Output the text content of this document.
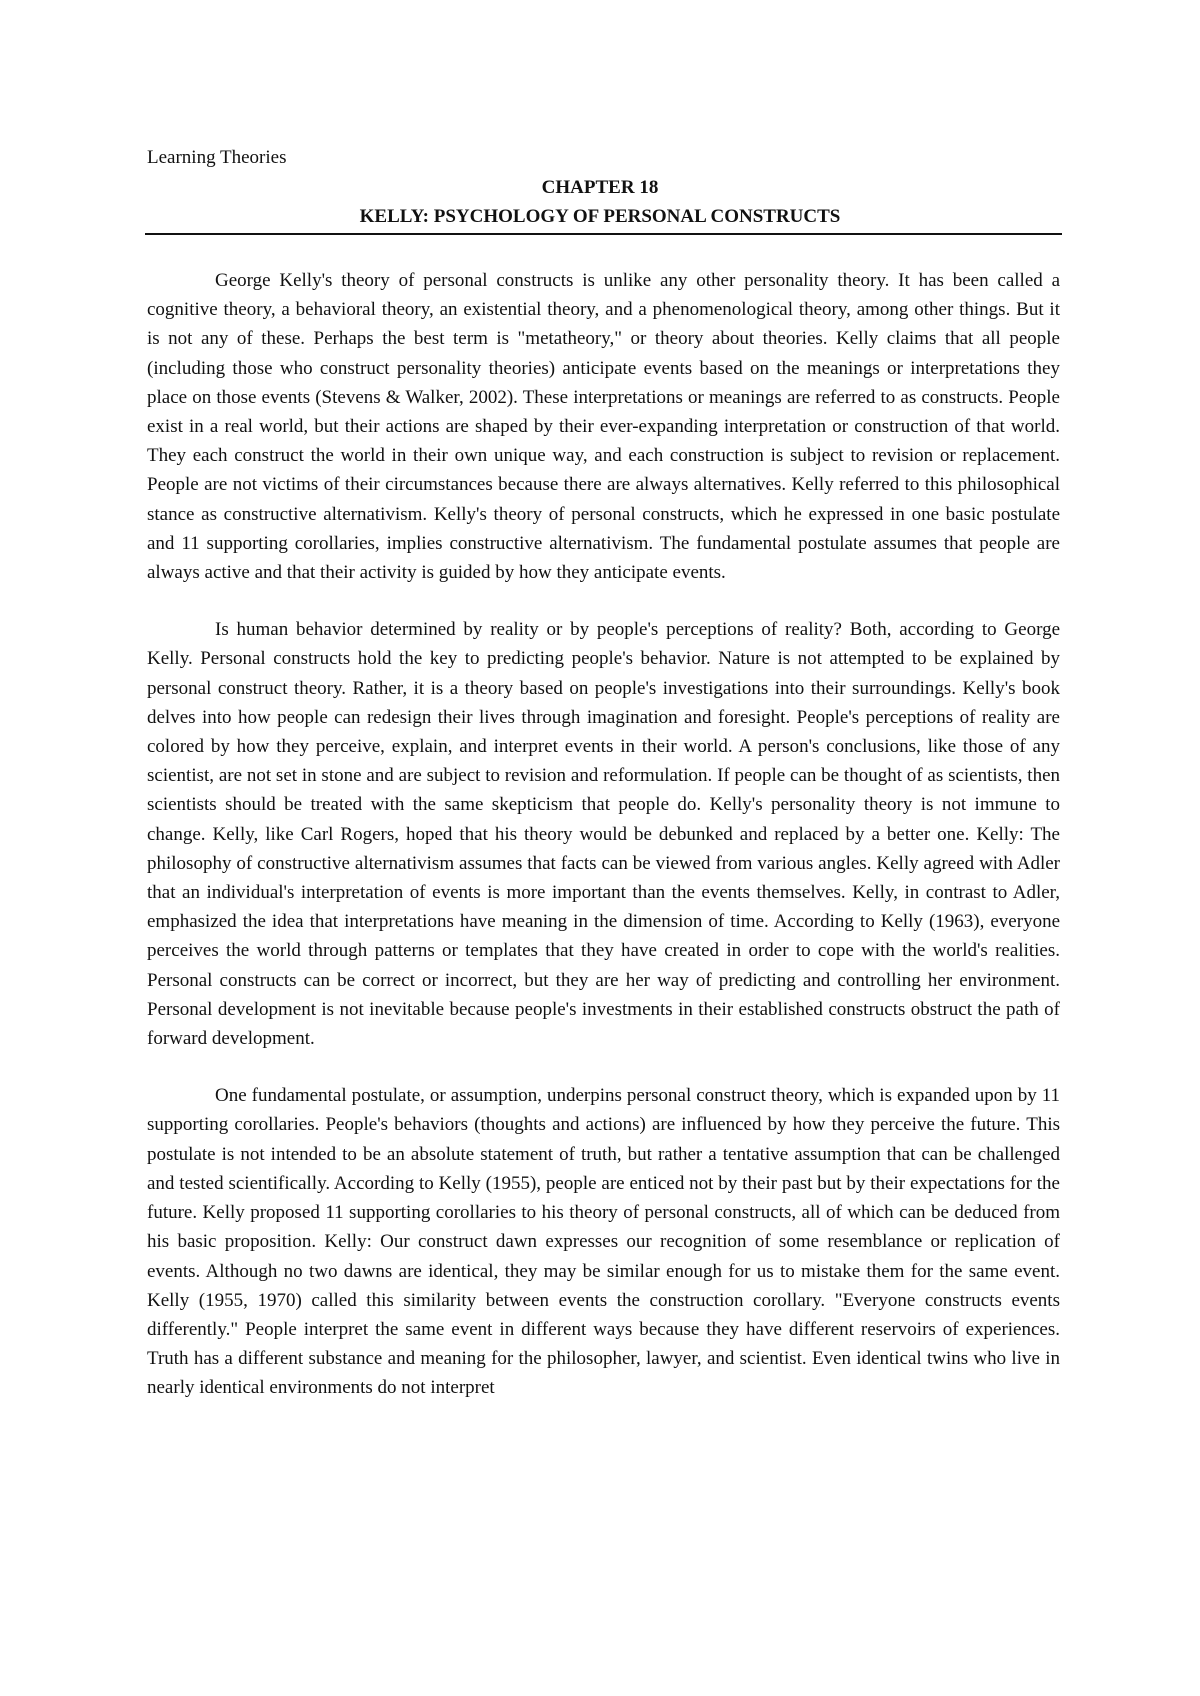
Learning Theories
CHAPTER 18
KELLY: PSYCHOLOGY OF PERSONAL CONSTRUCTS

George Kelly's theory of personal constructs is unlike any other personality theory. It has been called a cognitive theory, a behavioral theory, an existential theory, and a phenomenological theory, among other things. But it is not any of these. Perhaps the best term is "metatheory," or theory about theories. Kelly claims that all people (including those who construct personality theories) anticipate events based on the meanings or interpretations they place on those events (Stevens & Walker, 2002). These interpretations or meanings are referred to as constructs. People exist in a real world, but their actions are shaped by their ever-expanding interpretation or construction of that world. They each construct the world in their own unique way, and each construction is subject to revision or replacement. People are not victims of their circumstances because there are always alternatives. Kelly referred to this philosophical stance as constructive alternativism. Kelly's theory of personal constructs, which he expressed in one basic postulate and 11 supporting corollaries, implies constructive alternativism. The fundamental postulate assumes that people are always active and that their activity is guided by how they anticipate events.

Is human behavior determined by reality or by people's perceptions of reality? Both, according to George Kelly. Personal constructs hold the key to predicting people's behavior. Nature is not attempted to be explained by personal construct theory. Rather, it is a theory based on people's investigations into their surroundings. Kelly's book delves into how people can redesign their lives through imagination and foresight. People's perceptions of reality are colored by how they perceive, explain, and interpret events in their world. A person's conclusions, like those of any scientist, are not set in stone and are subject to revision and reformulation. If people can be thought of as scientists, then scientists should be treated with the same skepticism that people do. Kelly's personality theory is not immune to change. Kelly, like Carl Rogers, hoped that his theory would be debunked and replaced by a better one. Kelly: The philosophy of constructive alternativism assumes that facts can be viewed from various angles. Kelly agreed with Adler that an individual's interpretation of events is more important than the events themselves. Kelly, in contrast to Adler, emphasized the idea that interpretations have meaning in the dimension of time. According to Kelly (1963), everyone perceives the world through patterns or templates that they have created in order to cope with the world's realities. Personal constructs can be correct or incorrect, but they are her way of predicting and controlling her environment. Personal development is not inevitable because people's investments in their established constructs obstruct the path of forward development.

One fundamental postulate, or assumption, underpins personal construct theory, which is expanded upon by 11 supporting corollaries. People's behaviors (thoughts and actions) are influenced by how they perceive the future. This postulate is not intended to be an absolute statement of truth, but rather a tentative assumption that can be challenged and tested scientifically. According to Kelly (1955), people are enticed not by their past but by their expectations for the future. Kelly proposed 11 supporting corollaries to his theory of personal constructs, all of which can be deduced from his basic proposition. Kelly: Our construct dawn expresses our recognition of some resemblance or replication of events. Although no two dawns are identical, they may be similar enough for us to mistake them for the same event. Kelly (1955, 1970) called this similarity between events the construction corollary. "Everyone constructs events differently." People interpret the same event in different ways because they have different reservoirs of experiences. Truth has a different substance and meaning for the philosopher, lawyer, and scientist. Even identical twins who live in nearly identical environments do not interpret
